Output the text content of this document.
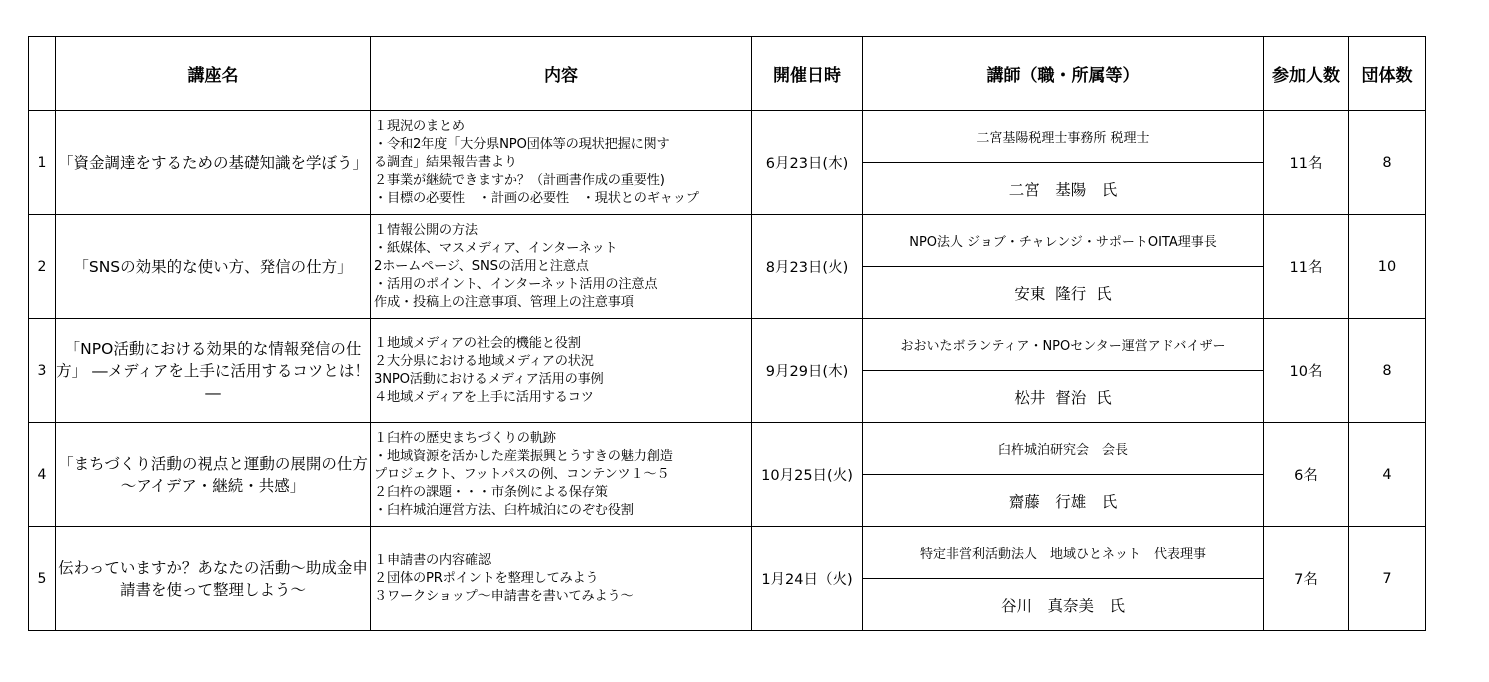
	講座名	内容	開催日時	講師（職・所属等）	参加人数	団体数
1	「資金調達をするための基礎知識を学ぼう」	１現況のまとめ
・令和2年度「大分県NPO団体等の現状把握に関す
る調査」結果報告書より
２事業が継続できますか？（計画書作成の重要性)
・目標の必要性　・計画の必要性　・現状とのギャップ	6月23日(木)	二宮基陽税理士事務所 税理士	11名	8
				二宮　基陽　氏		
2	「SNSの効果的な使い方、発信の仕方」	１情報公開の方法
・紙媒体、マスメディア、インターネット
2ホームページ、SNSの活用と注意点
・活用のポイント、インターネット活用の注意点
作成・投稿上の注意事項、管理上の注意事項	8月23日(火)	NPO法人 ジョブ・チャレンジ・サポートOITA理事長	11名	10
				安東  隆行  氏		
3	「NPO活動における効果的な情報発信の仕方」 ―メディアを上手に活用するコツとは！―	１地域メディアの社会的機能と役割
２大分県における地域メディアの状況
3NPO活動におけるメディア活用の事例
４地域メディアを上手に活用するコツ	9月29日(木)	おおいたボランティア・NPOセンター運営アドバイザー	10名	8
				松井  督治  氏		
4	「まちづくり活動の視点と運動の展開の仕方～アイデア・継続・共感」	１臼杵の歴史まちづくりの軌跡
・地域資源を活かした産業振興とうすきの魅力創造
プロジェクト、フットパスの例、コンテンツ１～５
２臼杵の課題・・・市条例による保存策
・臼杵城泊運営方法、臼杵城泊にのぞむ役割	10月25日(火)	臼杵城泊研究会　会長	6名	4
				齋藤　行雄　氏		
5	伝わっていますか？あなたの活動～助成金申請書を使って整理しよう～	１申請書の内容確認
２団体のPRポイントを整理してみよう
３ワークショップ～申請書を書いてみよう～	1月24日（火)	特定非営利活動法人　地域ひとネット　代表理事	7名	7
				谷川　真奈美　氏		
